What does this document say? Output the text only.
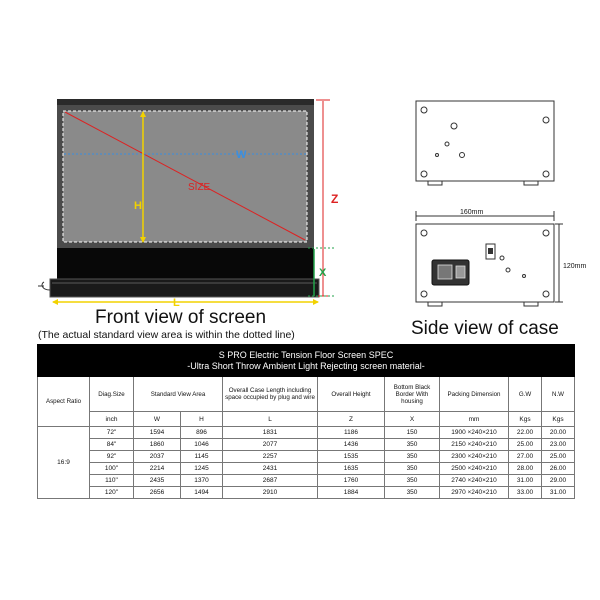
W
H
SIZE
Z
X
L
Front view of screen
(The actual standard view area is within the dotted line)
160mm
120mm
Side view of case
S PRO Electric Tension Floor Screen SPEC
-Ultra Short Throw Ambient Light Rejecting screen material-									

Aspect Ratio	Diag.Size	Standard View Area		Overall Case Length including space occupied by plug and wire	Overall Height	Bottom Black Border With housing	Packing Dimension	G.W	N.W
	inch	W	H	L	Z	X	mm	Kgs	Kgs
16:9	72"	1594	896	1831	1186	150	1900 ×240×210	22.00	20.00
	84"	1860	1046	2077	1436	350	2150 ×240×210	25.00	23.00
	92"	2037	1145	2257	1535	350	2300 ×240×210	27.00	25.00
	100"	2214	1245	2431	1635	350	2500 ×240×210	28.00	26.00
	110"	2435	1370	2687	1760	350	2740 ×240×210	31.00	29.00
	120"	2656	1494	2910	1884	350	2970 ×240×210	33.00	31.00
